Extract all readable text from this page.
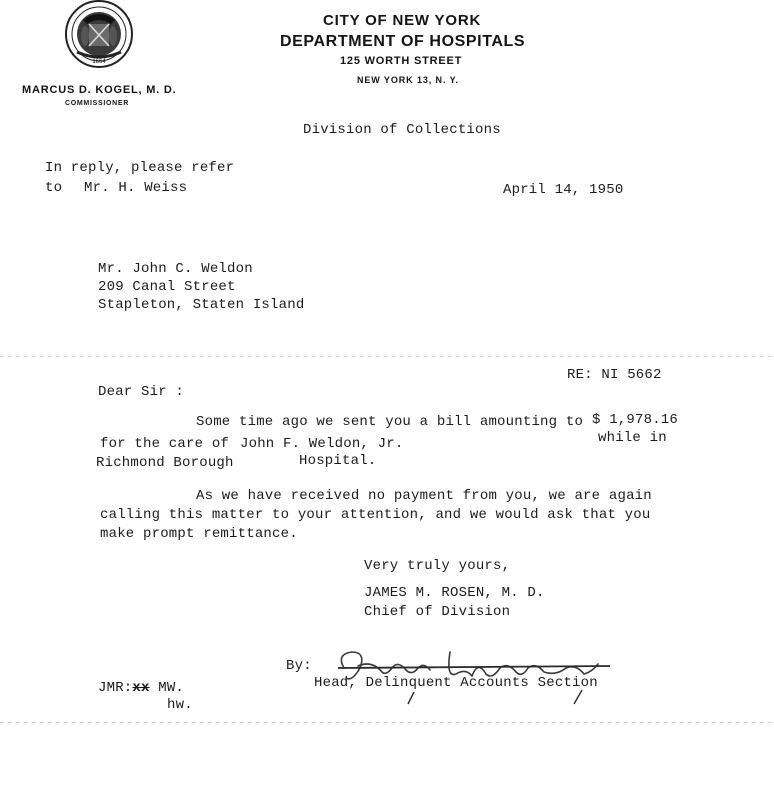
1664
CITY OF NEW YORK
DEPARTMENT OF HOSPITALS
125 WORTH STREET
NEW YORK 13, N. Y.
MARCUS D. KOGEL, M. D.
COMMISSIONER
Division of Collections
In reply, please refer
to Mr. H. Weiss	April 14, 1950
Mr. John C. Weldon
209 Canal Street
Stapleton, Staten Island
RE: NI 5662
Dear Sir :
Some time ago we sent you a bill amounting to $ 1,978.16
for the care of John F. Weldon, Jr.	while in
Richmond Borough	Hospital.
As we have received no payment from you, we are again
calling this matter to your attention, and we would ask that you
make prompt remittance.
Very truly yours,
JAMES M. ROSEN, M. D.
Chief of Division
By:
Head, Delinquent Accounts Section
JMR:xx MW.
hw.
